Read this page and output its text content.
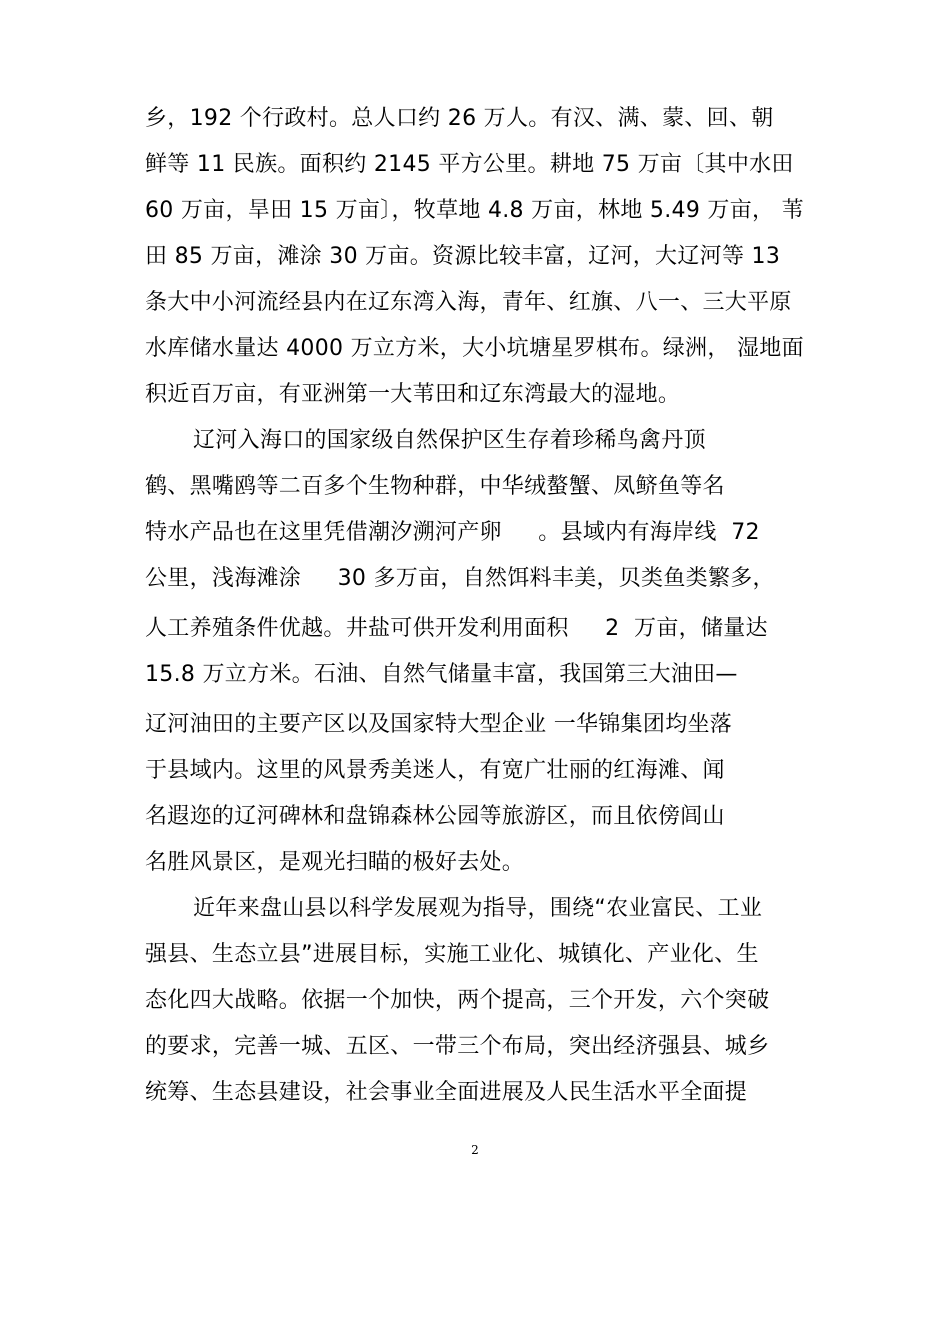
乡，192 个行政村。总人口约 26 万人。有汉、满、蒙、回、朝
鲜等 11 民族。面积约 2145 平方公里。耕地 75 万亩〔其中水田
60 万亩，旱田 15 万亩〕，牧草地 4.8 万亩，林地 5.49 万亩， 苇
田 85 万亩，滩涂 30 万亩。资源比较丰富，辽河，大辽河等 13
条大中小河流经县内在辽东湾入海，青年、红旗、八一、三大平原
水库储水量达 4000 万立方米，大小坑塘星罗棋布。绿洲， 湿地面
积近百万亩，有亚洲第一大苇田和辽东湾最大的湿地。
辽河入海口的国家级自然保护区生存着珍稀鸟禽丹顶
鹤、黑嘴鸥等二百多个生物种群，中华绒螯蟹、凤鲚鱼等名
特水产品也在这里凭借潮汐溯河产卵     。县域内有海岸线  72
公里，浅海滩涂     30 多万亩，自然饵料丰美，贝类鱼类繁多，
人工养殖条件优越。井盐可供开发利用面积     2  万亩，储量达
15.8 万立方米。石油、自然气储量丰富，我国第三大油田—
辽河油田的主要产区以及国家特大型企业 一华锦集团均坐落
于县域内。这里的风景秀美迷人，有宽广壮丽的红海滩、闻
名遐迩的辽河碑林和盘锦森林公园等旅游区，而且依傍闾山
名胜风景区，是观光扫瞄的极好去处。
近年来盘山县以科学发展观为指导，围绕“农业富民、工业
强县、生态立县”进展目标，实施工业化、城镇化、产业化、生
态化四大战略。依据一个加快，两个提高，三个开发，六个突破
的要求，完善一城、五区、一带三个布局，突出经济强县、城乡
统筹、生态县建设，社会事业全面进展及人民生活水平全面提
2
